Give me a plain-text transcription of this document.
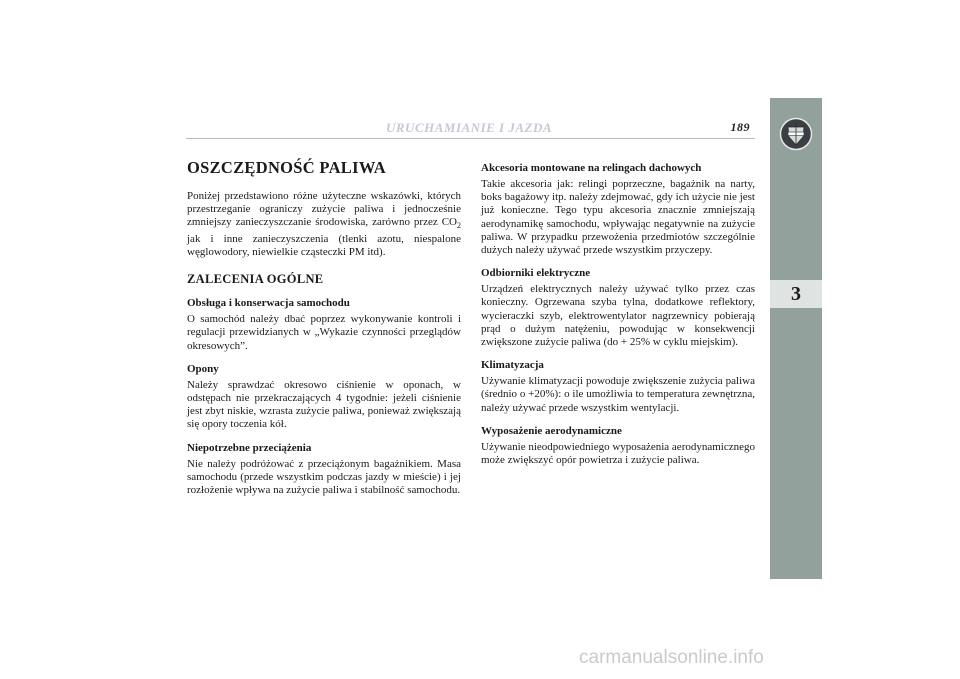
URUCHAMIANIE I JAZDA	189
3
OSZCZĘDNOŚĆ PALIWA

Poniżej przedstawiono różne użyteczne wskazówki, których przestrzeganie ograniczy zużycie paliwa i jednocześnie zmniejszy zanieczyszczanie środowiska, zarówno przez $CO_2$ jak i inne zanieczyszczenia (tlenki azotu, niespalone węglowodory, niewielkie cząsteczki PM itd).

ZALECENIA OGÓLNE
Obsługa i konserwacja samochodu

O samochód należy dbać poprzez wykonywanie kontroli i regulacji przewidzianych w „Wykazie czynności przeglądów okresowych”.

Opony

Należy sprawdzać okresowo ciśnienie w oponach, w odstępach nie przekraczających 4 tygodnie: jeżeli ciśnienie jest zbyt niskie, wzrasta zużycie paliwa, ponieważ zwiększają się opory toczenia kół.

Niepotrzebne przeciążenia

Nie należy podróżować z przeciążonym bagażnikiem. Masa samochodu (przede wszystkim podczas jazdy w mieście) i jej rozłożenie wpływa na zużycie paliwa i stabilność samochodu.

Akcesoria montowane na relingach dachowych

Takie akcesoria jak: relingi poprzeczne, bagażnik na narty, boks bagażowy itp. należy zdejmować, gdy ich użycie nie jest już konieczne. Tego typu akcesoria znacznie zmniejszają aerodynamikę samochodu, wpływając negatywnie na zużycie paliwa. W przypadku przewożenia przedmiotów szczególnie dużych należy używać przede wszystkim przyczepy.

Odbiorniki elektryczne

Urządzeń elektrycznych należy używać tylko przez czas konieczny. Ogrzewana szyba tylna, dodatkowe reflektory, wycieraczki szyb, elektrowentylator nagrzewnicy pobierają prąd o dużym natężeniu, powodując w konsekwencji zwiększone zużycie paliwa (do + 25% w cyklu miejskim).

Klimatyzacja

Używanie klimatyzacji powoduje zwiększenie zużycia paliwa (średnio o +20%): o ile umożliwia to temperatura zewnętrzna, należy używać przede wszystkim wentylacji.

Wyposażenie aerodynamiczne

Używanie nieodpowiedniego wyposażenia aerodynamicznego może zwiększyć opór powietrza i zużycie paliwa.

carmanualsonline.info
